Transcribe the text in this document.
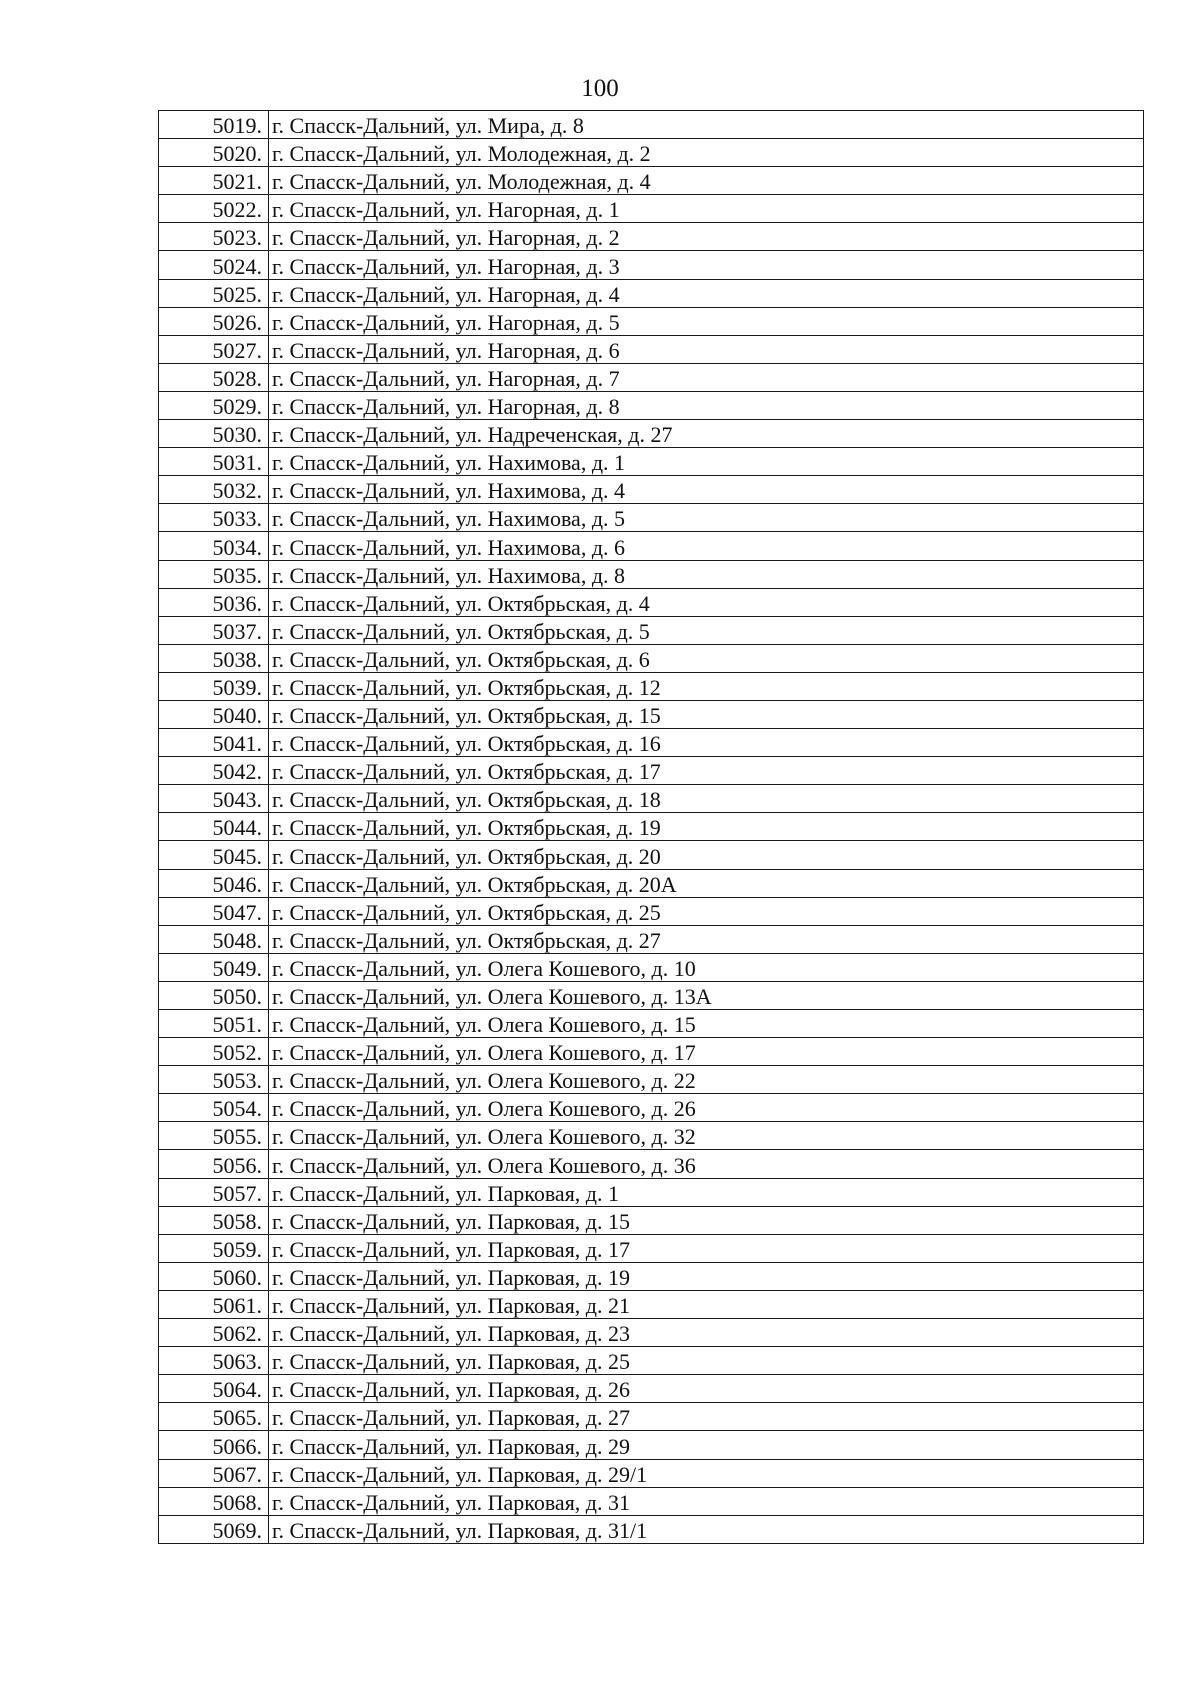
100
5019.	г. Спасск-Дальний, ул. Мира, д. 8
5020.	г. Спасск-Дальний, ул. Молодежная, д. 2
5021.	г. Спасск-Дальний, ул. Молодежная, д. 4
5022.	г. Спасск-Дальний, ул. Нагорная, д. 1
5023.	г. Спасск-Дальний, ул. Нагорная, д. 2
5024.	г. Спасск-Дальний, ул. Нагорная, д. 3
5025.	г. Спасск-Дальний, ул. Нагорная, д. 4
5026.	г. Спасск-Дальний, ул. Нагорная, д. 5
5027.	г. Спасск-Дальний, ул. Нагорная, д. 6
5028.	г. Спасск-Дальний, ул. Нагорная, д. 7
5029.	г. Спасск-Дальний, ул. Нагорная, д. 8
5030.	г. Спасск-Дальний, ул. Надреченская, д. 27
5031.	г. Спасск-Дальний, ул. Нахимова, д. 1
5032.	г. Спасск-Дальний, ул. Нахимова, д. 4
5033.	г. Спасск-Дальний, ул. Нахимова, д. 5
5034.	г. Спасск-Дальний, ул. Нахимова, д. 6
5035.	г. Спасск-Дальний, ул. Нахимова, д. 8
5036.	г. Спасск-Дальний, ул. Октябрьская, д. 4
5037.	г. Спасск-Дальний, ул. Октябрьская, д. 5
5038.	г. Спасск-Дальний, ул. Октябрьская, д. 6
5039.	г. Спасск-Дальний, ул. Октябрьская, д. 12
5040.	г. Спасск-Дальний, ул. Октябрьская, д. 15
5041.	г. Спасск-Дальний, ул. Октябрьская, д. 16
5042.	г. Спасск-Дальний, ул. Октябрьская, д. 17
5043.	г. Спасск-Дальний, ул. Октябрьская, д. 18
5044.	г. Спасск-Дальний, ул. Октябрьская, д. 19
5045.	г. Спасск-Дальний, ул. Октябрьская, д. 20
5046.	г. Спасск-Дальний, ул. Октябрьская, д. 20А
5047.	г. Спасск-Дальний, ул. Октябрьская, д. 25
5048.	г. Спасск-Дальний, ул. Октябрьская, д. 27
5049.	г. Спасск-Дальний, ул. Олега Кошевого, д. 10
5050.	г. Спасск-Дальний, ул. Олега Кошевого, д. 13А
5051.	г. Спасск-Дальний, ул. Олега Кошевого, д. 15
5052.	г. Спасск-Дальний, ул. Олега Кошевого, д. 17
5053.	г. Спасск-Дальний, ул. Олега Кошевого, д. 22
5054.	г. Спасск-Дальний, ул. Олега Кошевого, д. 26
5055.	г. Спасск-Дальний, ул. Олега Кошевого, д. 32
5056.	г. Спасск-Дальний, ул. Олега Кошевого, д. 36
5057.	г. Спасск-Дальний, ул. Парковая, д. 1
5058.	г. Спасск-Дальний, ул. Парковая, д. 15
5059.	г. Спасск-Дальний, ул. Парковая, д. 17
5060.	г. Спасск-Дальний, ул. Парковая, д. 19
5061.	г. Спасск-Дальний, ул. Парковая, д. 21
5062.	г. Спасск-Дальний, ул. Парковая, д. 23
5063.	г. Спасск-Дальний, ул. Парковая, д. 25
5064.	г. Спасск-Дальний, ул. Парковая, д. 26
5065.	г. Спасск-Дальний, ул. Парковая, д. 27
5066.	г. Спасск-Дальний, ул. Парковая, д. 29
5067.	г. Спасск-Дальний, ул. Парковая, д. 29/1
5068.	г. Спасск-Дальний, ул. Парковая, д. 31
5069.	г. Спасск-Дальний, ул. Парковая, д. 31/1
